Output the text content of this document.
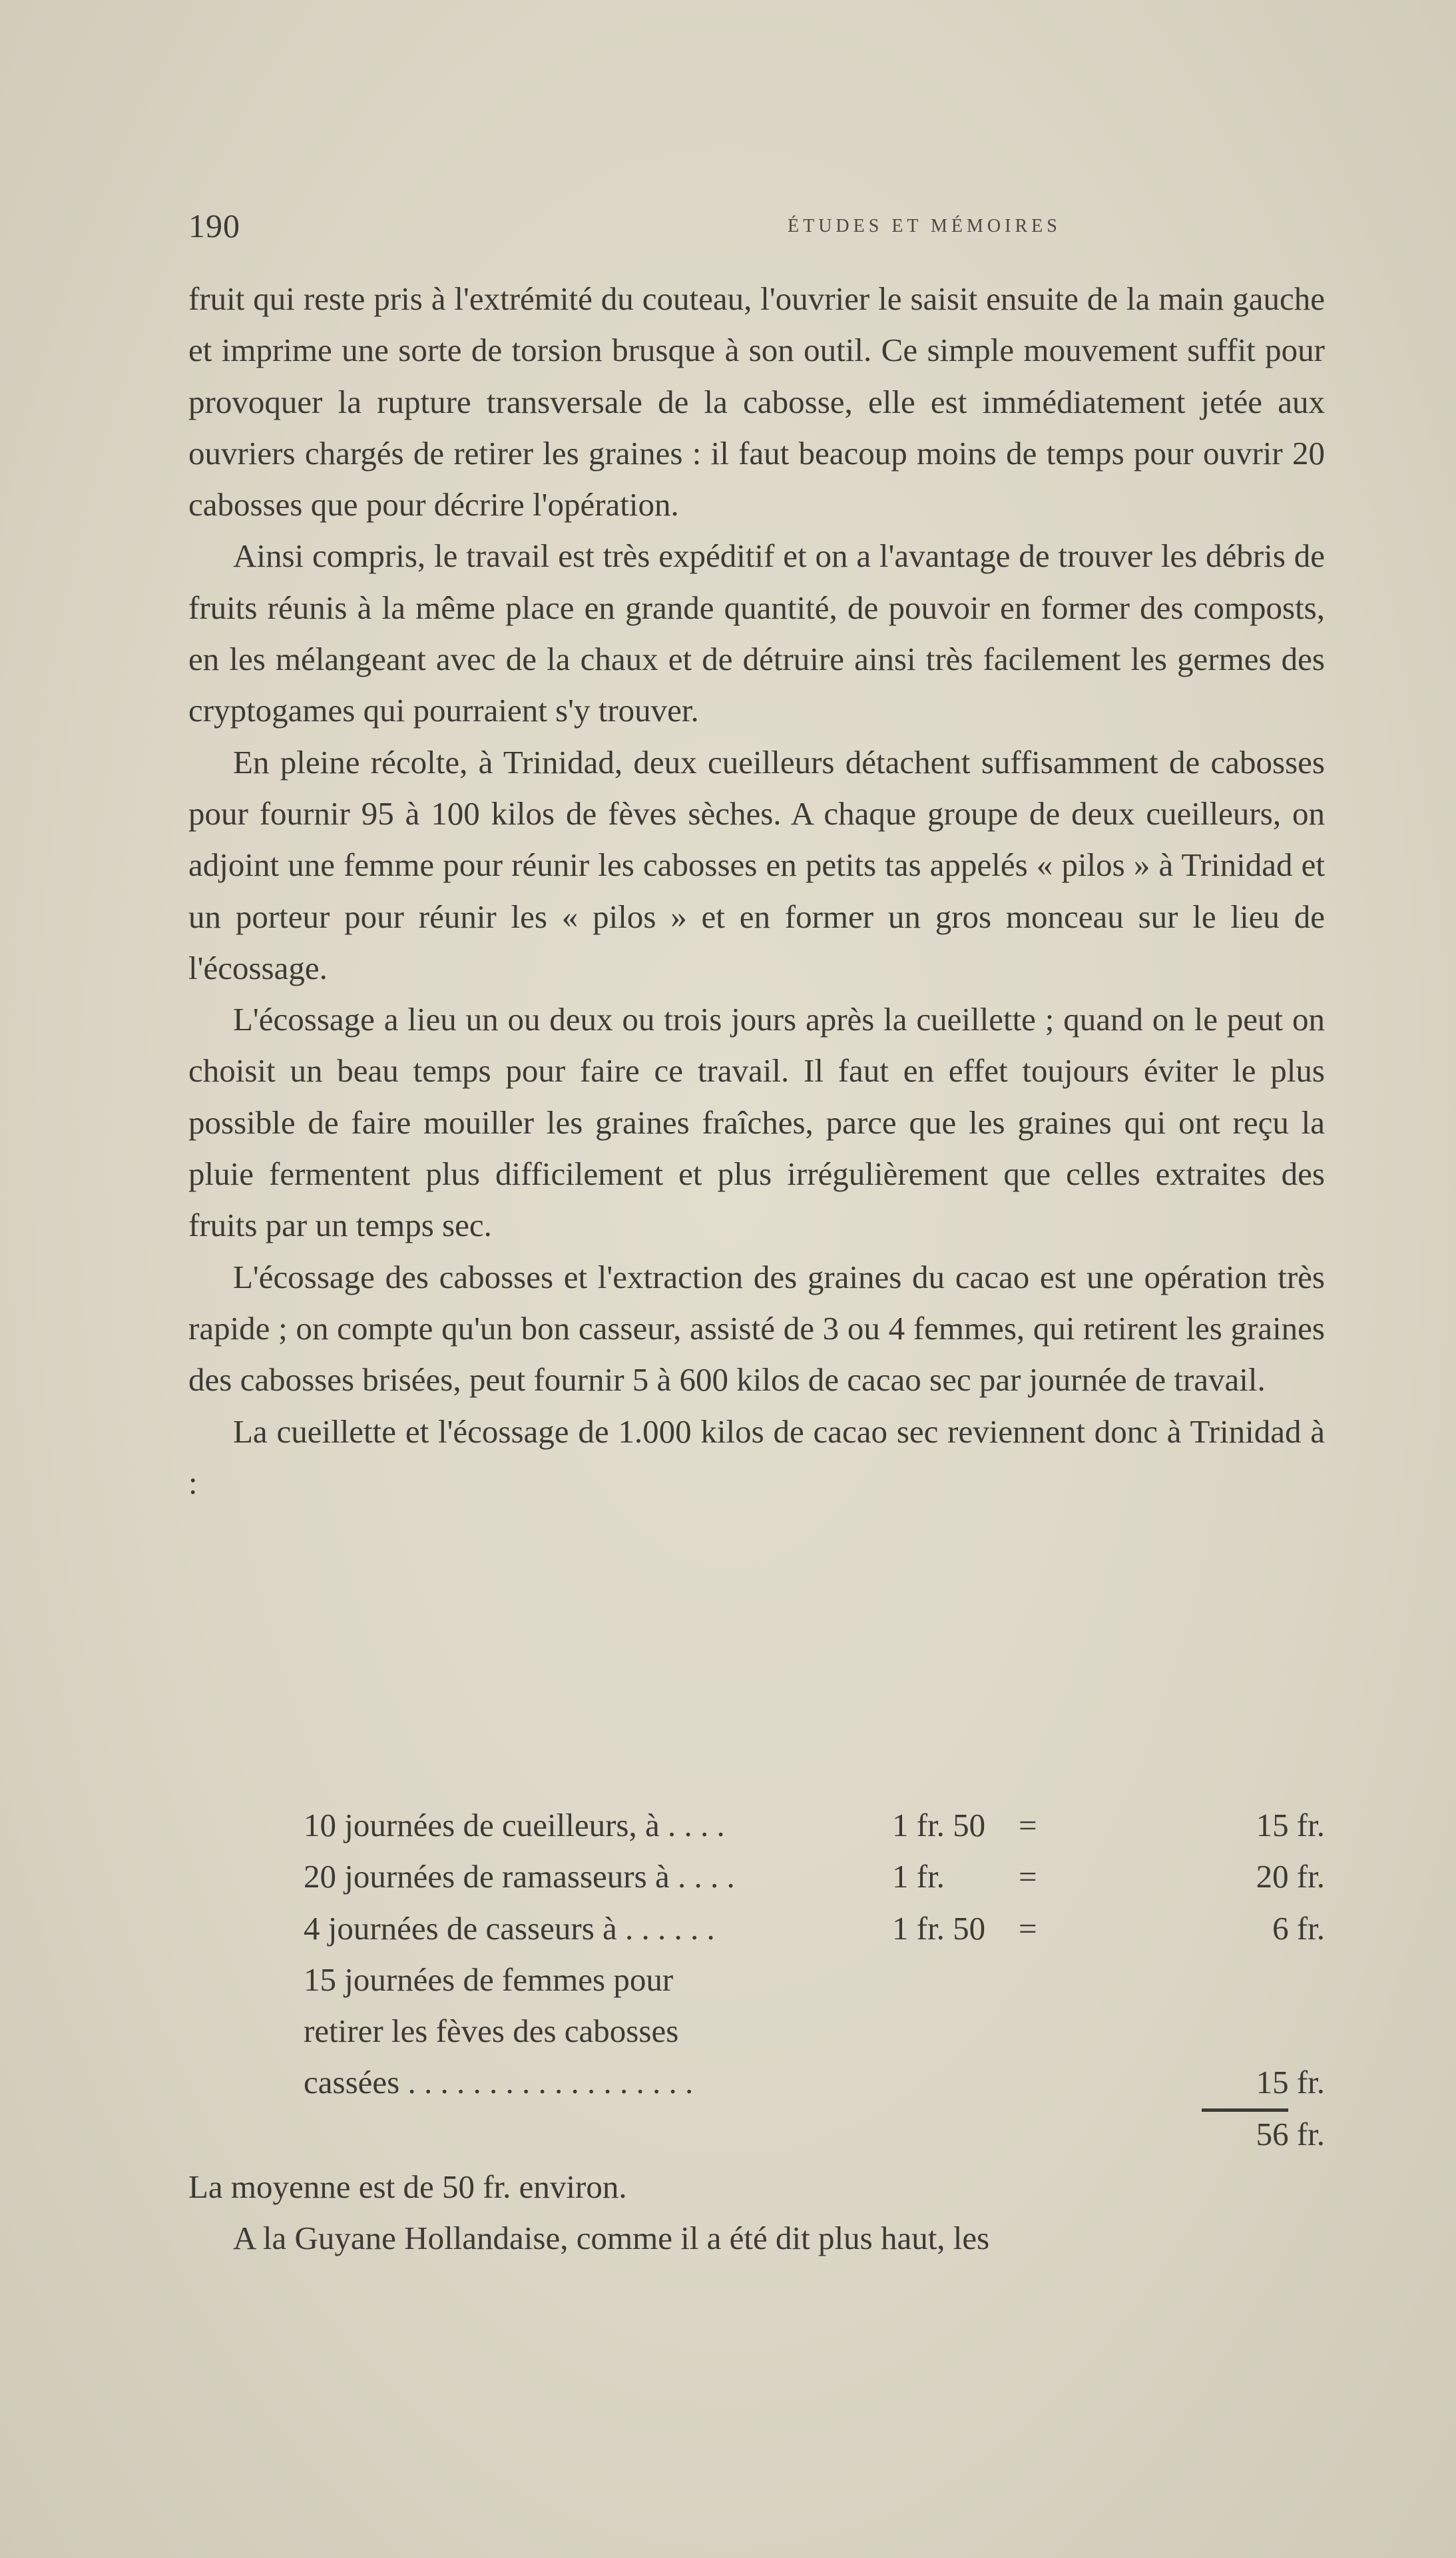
190	ÉTUDES ET MÉMOIRES

fruit qui reste pris à l'extrémité du couteau, l'ouvrier le saisit ensuite de la main gauche et imprime une sorte de torsion brusque à son outil. Ce simple mouvement suffit pour provoquer la rupture transversale de la cabosse, elle est immédiatement jetée aux ouvriers chargés de retirer les graines : il faut beacoup moins de temps pour ouvrir 20 cabosses que pour décrire l'opération.

Ainsi compris, le travail est très expéditif et on a l'avantage de trouver les débris de fruits réunis à la même place en grande quantité, de pouvoir en former des composts, en les mélangeant avec de la chaux et de détruire ainsi très facilement les germes des cryptogames qui pourraient s'y trouver.

En pleine récolte, à Trinidad, deux cueilleurs détachent suffisamment de cabosses pour fournir 95 à 100 kilos de fèves sèches. A chaque groupe de deux cueilleurs, on adjoint une femme pour réunir les cabosses en petits tas appelés « pilos » à Trinidad et un porteur pour réunir les « pilos » et en former un gros monceau sur le lieu de l'écossage.

L'écossage a lieu un ou deux ou trois jours après la cueillette ; quand on le peut on choisit un beau temps pour faire ce travail. Il faut en effet toujours éviter le plus possible de faire mouiller les graines fraîches, parce que les graines qui ont reçu la pluie fermentent plus difficilement et plus irrégulièrement que celles extraites des fruits par un temps sec.

L'écossage des cabosses et l'extraction des graines du cacao est une opération très rapide ; on compte qu'un bon casseur, assisté de 3 ou 4 femmes, qui retirent les graines des cabosses brisées, peut fournir 5 à 600 kilos de cacao sec par journée de travail.

La cueillette et l'écossage de 1.000 kilos de cacao sec reviennent donc à Trinidad à :

10 journées de cueilleurs, à . . . .	1 fr. 50 =	15 fr.
20 journées de ramasseurs à . . . .	1 fr. =	20 fr.
4 journées de casseurs à . . . . . .	1 fr. 50 =	6 fr.
15 journées de femmes pour retirer les fèves des cabosses cassées . . . . . . . . . . . . . . . . . .	15 fr.
56 fr.

La moyenne est de 50 fr. environ.

A la Guyane Hollandaise, comme il a été dit plus haut, les
